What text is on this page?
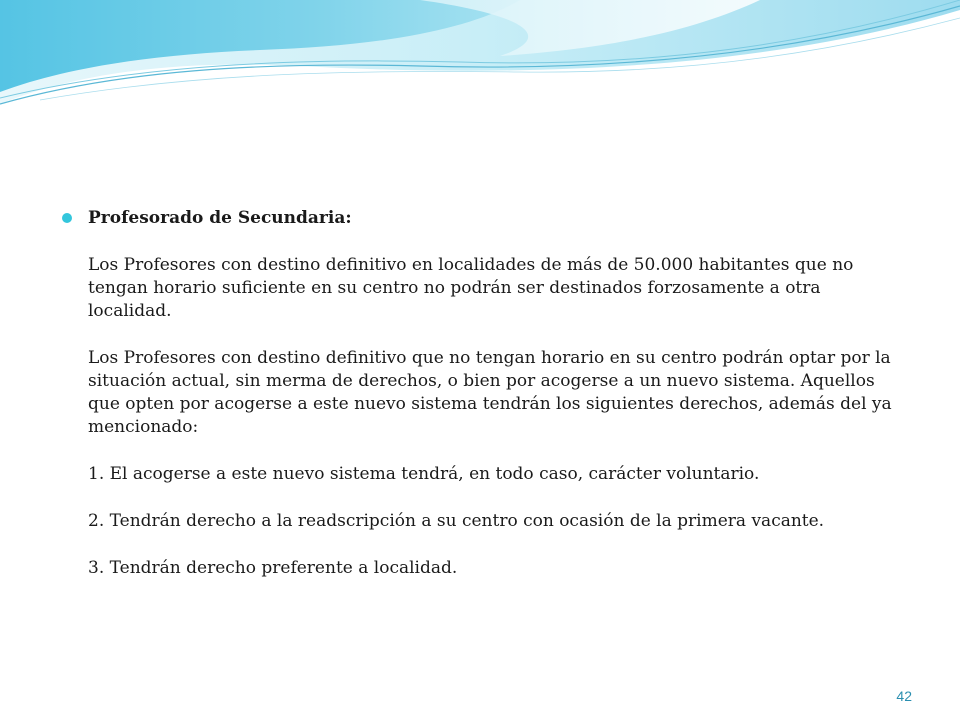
Profesorado de Secundaria:

Los Profesores con destino definitivo en localidades de más de 50.000 habitantes que no tengan horario suficiente en su centro no podrán ser destinados forzosamente a otra localidad.

Los Profesores con destino definitivo que no tengan horario en su centro podrán optar por la situación actual, sin merma de derechos, o bien por acogerse a un nuevo sistema. Aquellos que opten por acogerse a este nuevo sistema tendrán los siguientes derechos, además del ya mencionado:

1. El acogerse a este nuevo sistema tendrá, en todo caso, carácter voluntario.

2. Tendrán derecho a la readscripción a su centro con ocasión de la primera vacante.

3. Tendrán derecho preferente a localidad.

42
